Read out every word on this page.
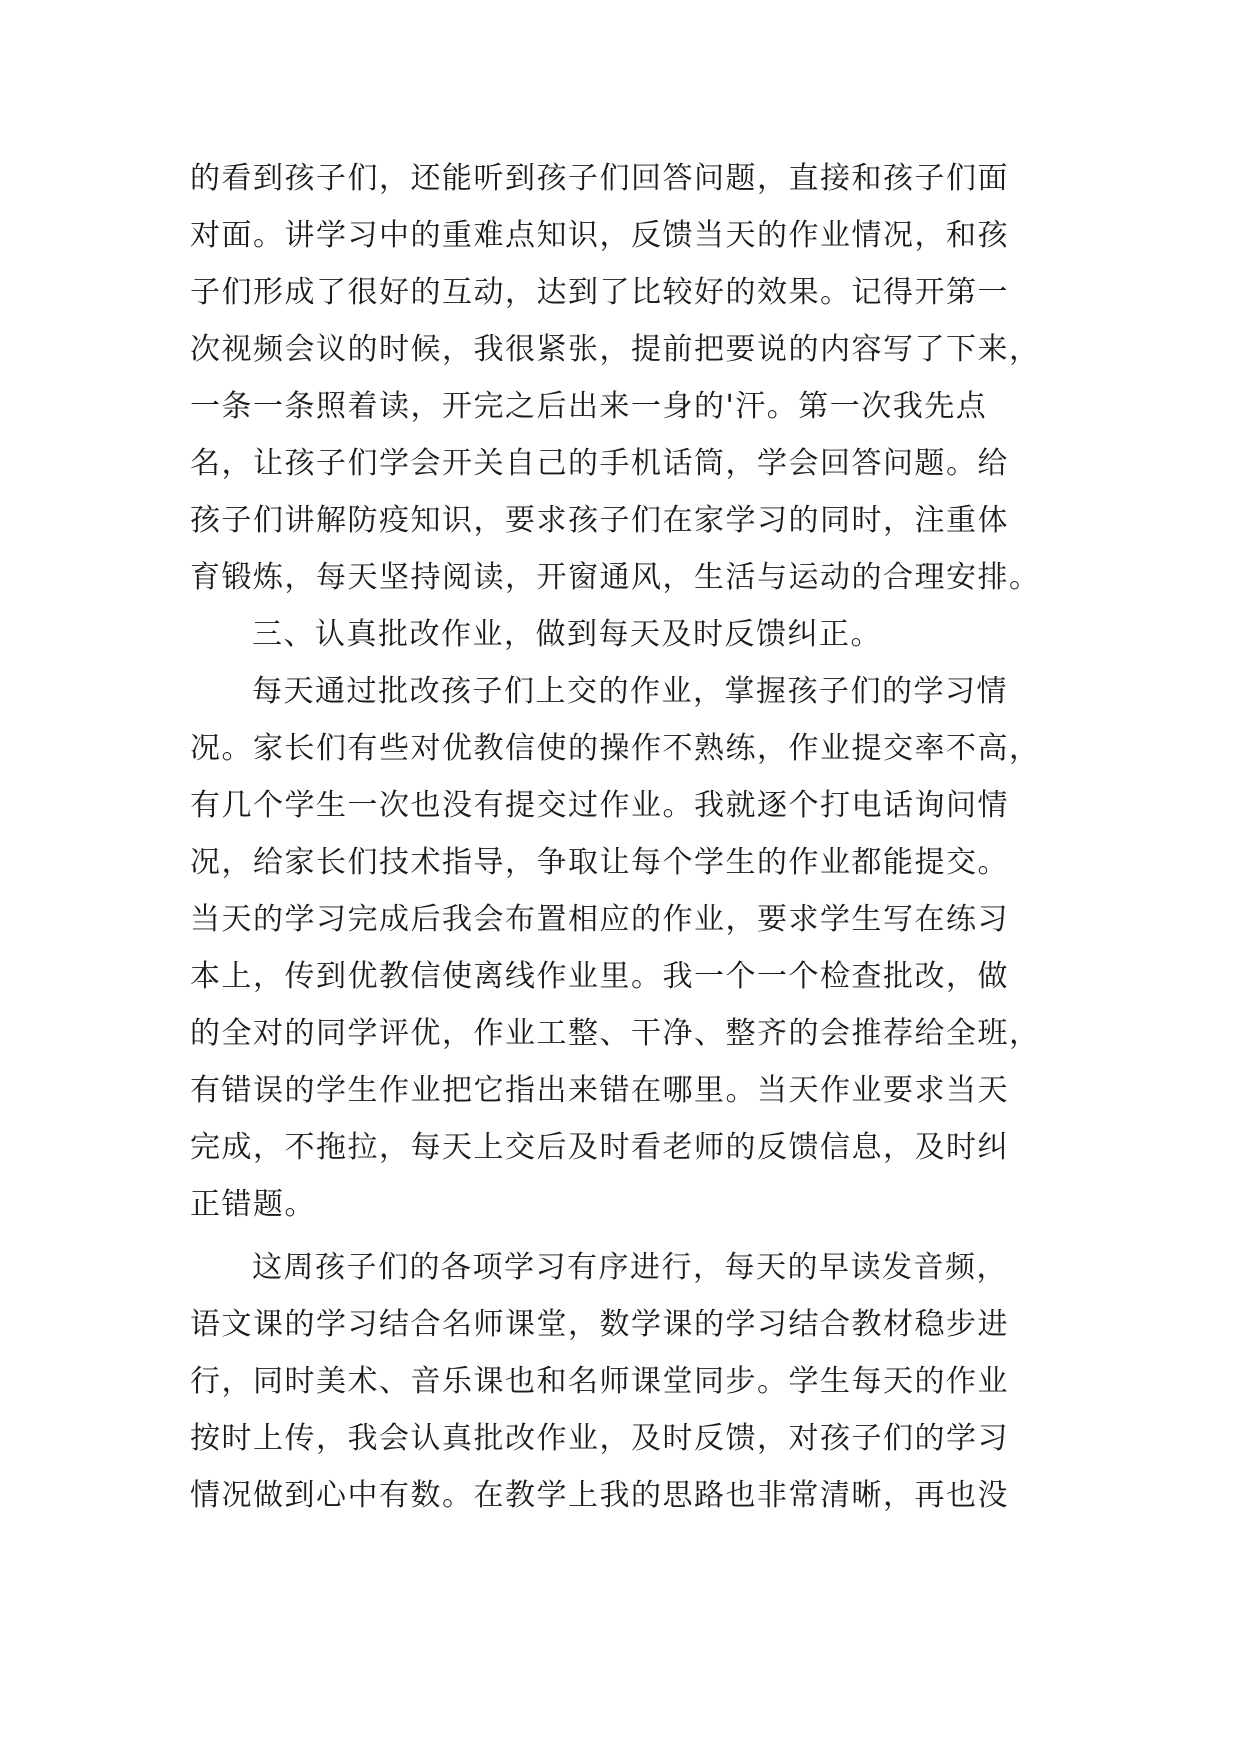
的看到孩子们，还能听到孩子们回答问题，直接和孩子们面
对面。讲学习中的重难点知识，反馈当天的作业情况，和孩
子们形成了很好的互动，达到了比较好的效果。记得开第一
次视频会议的时候，我很紧张，提前把要说的内容写了下来，
一条一条照着读，开完之后出来一身的'汗。第一次我先点
名，让孩子们学会开关自己的手机话筒，学会回答问题。给
孩子们讲解防疫知识，要求孩子们在家学习的同时，注重体
育锻炼，每天坚持阅读，开窗通风，生活与运动的合理安排。
三、认真批改作业，做到每天及时反馈纠正。
每天通过批改孩子们上交的作业，掌握孩子们的学习情
况。家长们有些对优教信使的操作不熟练，作业提交率不高，
有几个学生一次也没有提交过作业。我就逐个打电话询问情
况，给家长们技术指导，争取让每个学生的作业都能提交。
当天的学习完成后我会布置相应的作业，要求学生写在练习
本上，传到优教信使离线作业里。我一个一个检查批改，做
的全对的同学评优，作业工整、干净、整齐的会推荐给全班，
有错误的学生作业把它指出来错在哪里。当天作业要求当天
完成，不拖拉，每天上交后及时看老师的反馈信息，及时纠
正错题。
这周孩子们的各项学习有序进行，每天的早读发音频，
语文课的学习结合名师课堂，数学课的学习结合教材稳步进
行，同时美术、音乐课也和名师课堂同步。学生每天的作业
按时上传，我会认真批改作业，及时反馈，对孩子们的学习
情况做到心中有数。在教学上我的思路也非常清晰，再也没
